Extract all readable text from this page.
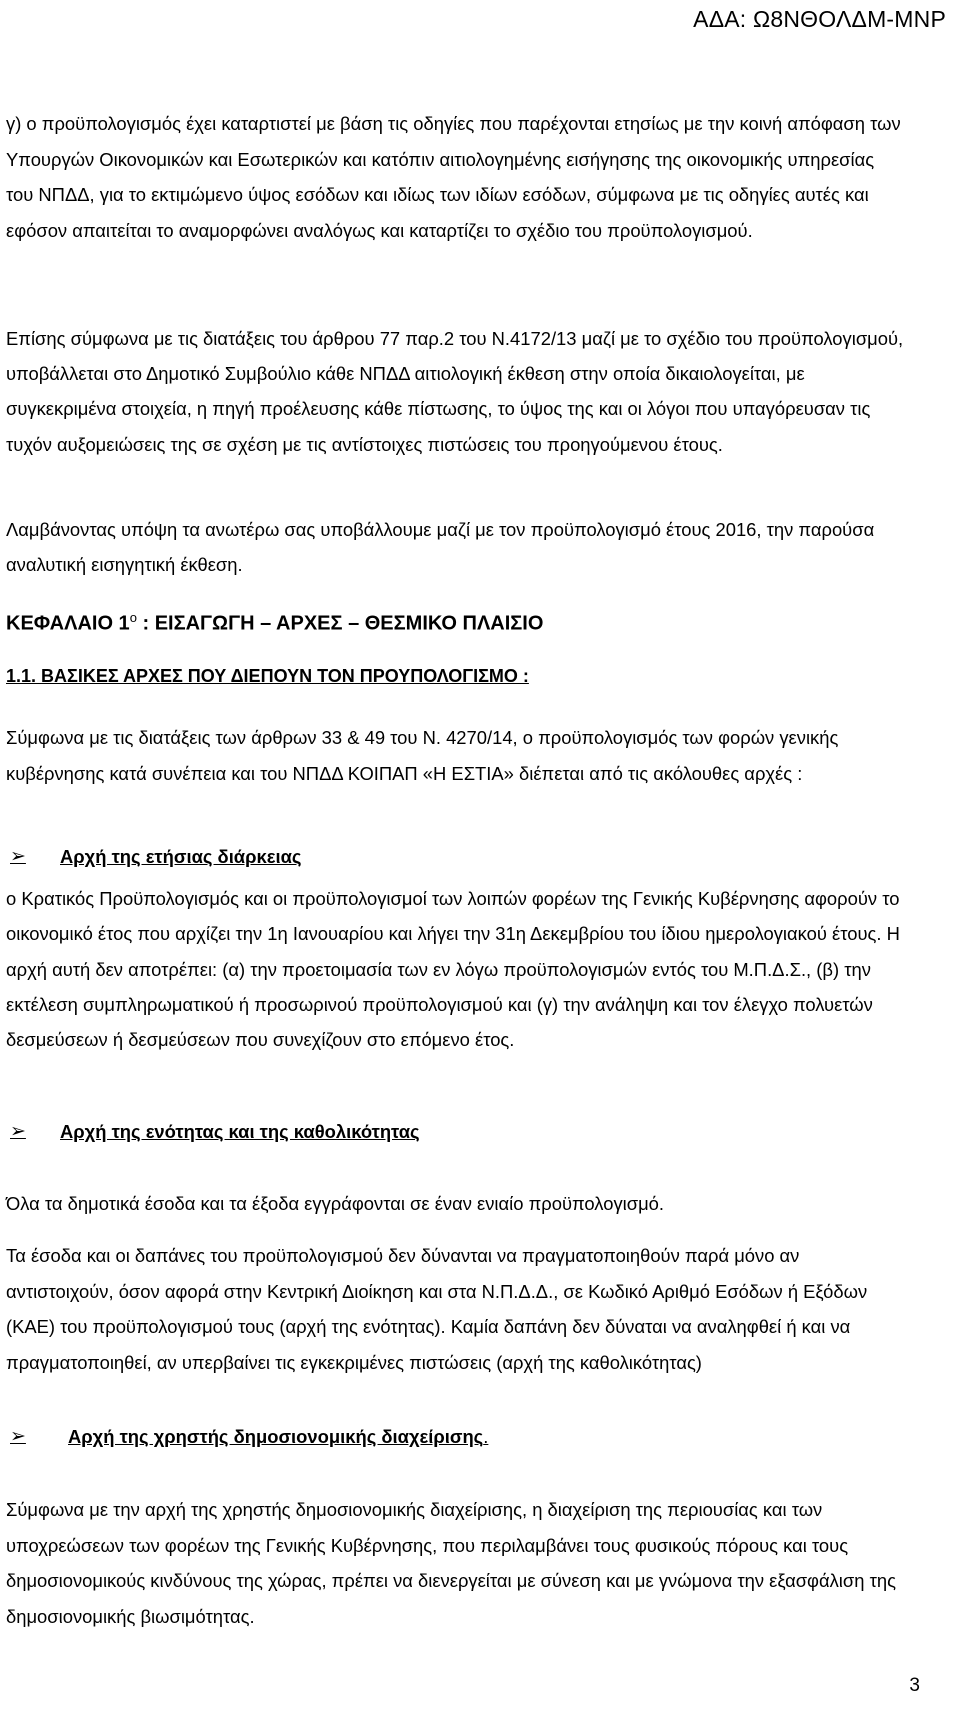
ΑΔΑ: Ω8ΝΘΟΛΔΜ-ΜΝΡ

γ) ο προϋπολογισμός έχει καταρτιστεί με βάση τις οδηγίες που παρέχονται ετησίως με την κοινή απόφαση των Υπουργών Οικονομικών και Εσωτερικών και κατόπιν αιτιολογημένης εισήγησης της οικονομικής υπηρεσίας του ΝΠΔΔ, για το εκτιμώμενο ύψος εσόδων και ιδίως των ιδίων εσόδων, σύμφωνα με τις οδηγίες αυτές και εφόσον απαιτείται το αναμορφώνει αναλόγως και καταρτίζει το σχέδιο του προϋπολογισμού.

Επίσης σύμφωνα με τις διατάξεις του άρθρου 77 παρ.2 του Ν.4172/13 μαζί με το σχέδιο του προϋπολογισμού, υποβάλλεται στο Δημοτικό Συμβούλιο κάθε ΝΠΔΔ αιτιολογική έκθεση στην οποία δικαιολογείται, με συγκεκριμένα στοιχεία, η πηγή προέλευσης κάθε πίστωσης, το ύψος της και οι λόγοι που υπαγόρευσαν τις τυχόν αυξομειώσεις της σε σχέση με τις αντίστοιχες πιστώσεις του προηγούμενου έτους.

Λαμβάνοντας υπόψη τα ανωτέρω σας υποβάλλουμε μαζί με τον προϋπολογισμό έτους 2016, την παρούσα αναλυτική εισηγητική έκθεση.

ΚΕΦΑΛΑΙΟ $1^o$ : ΕΙΣΑΓΩΓΗ – ΑΡΧΕΣ – ΘΕΣΜΙΚΟ ΠΛΑΙΣΙΟ
1.1. ΒΑΣΙΚΕΣ ΑΡΧΕΣ ΠΟΥ ΔΙΕΠΟΥΝ ΤΟΝ ΠΡΟΥΠΟΛΟΓΙΣΜΟ :

Σύμφωνα με τις διατάξεις των άρθρων 33 & 49 του Ν. 4270/14, ο προϋπολογισμός των φορών γενικής κυβέρνησης κατά συνέπεια και του ΝΠΔΔ ΚΟΙΠΑΠ «Η ΕΣΤΙΑ» διέπεται από τις ακόλουθες αρχές :

➢	Αρχή της ετήσιας διάρκειας

ο Κρατικός Προϋπολογισμός και οι προϋπολογισμοί των λοιπών φορέων της Γενικής Κυβέρνησης αφορούν το οικονομικό έτος που αρχίζει την 1η Ιανουαρίου και λήγει την 31η Δεκεμβρίου του ίδιου ημερολογιακού έτους. Η αρχή αυτή δεν αποτρέπει: (α) την προετοιμασία των εν λόγω προϋπολογισμών εντός του Μ.Π.Δ.Σ., (β) την εκτέλεση συμπληρωματικού ή προσωρινού προϋπολογισμού και (γ) την ανάληψη και τον έλεγχο πολυετών δεσμεύσεων ή δεσμεύσεων που συνεχίζουν στο επόμενο έτος.

➢	Αρχή της ενότητας και της καθολικότητας

Όλα τα δημοτικά έσοδα και τα έξοδα εγγράφονται σε έναν ενιαίο προϋπολογισμό.

Τα έσοδα και οι δαπάνες του προϋπολογισμού δεν δύνανται να πραγματοποιηθούν παρά μόνο αν αντιστοιχούν, όσον αφορά στην Κεντρική Διοίκηση και στα Ν.Π.Δ.Δ., σε Κωδικό Αριθμό Εσόδων ή Εξόδων (ΚΑΕ) του προϋπολογισμού τους (αρχή της ενότητας). Καμία δαπάνη δεν δύναται να αναληφθεί ή και να πραγματοποιηθεί, αν υπερβαίνει τις εγκεκριμένες πιστώσεις (αρχή της καθολικότητας)

➢	Αρχή της χρηστής δημοσιονομικής διαχείρισης .

Σύμφωνα με την αρχή της χρηστής δημοσιονομικής διαχείρισης, η διαχείριση της περιουσίας και των υποχρεώσεων των φορέων της Γενικής Κυβέρνησης, που περιλαμβάνει τους φυσικούς πόρους και τους δημοσιονομικούς κινδύνους της χώρας, πρέπει να διενεργείται με σύνεση και με γνώμονα την εξασφάλιση της δημοσιονομικής βιωσιμότητας.

3
